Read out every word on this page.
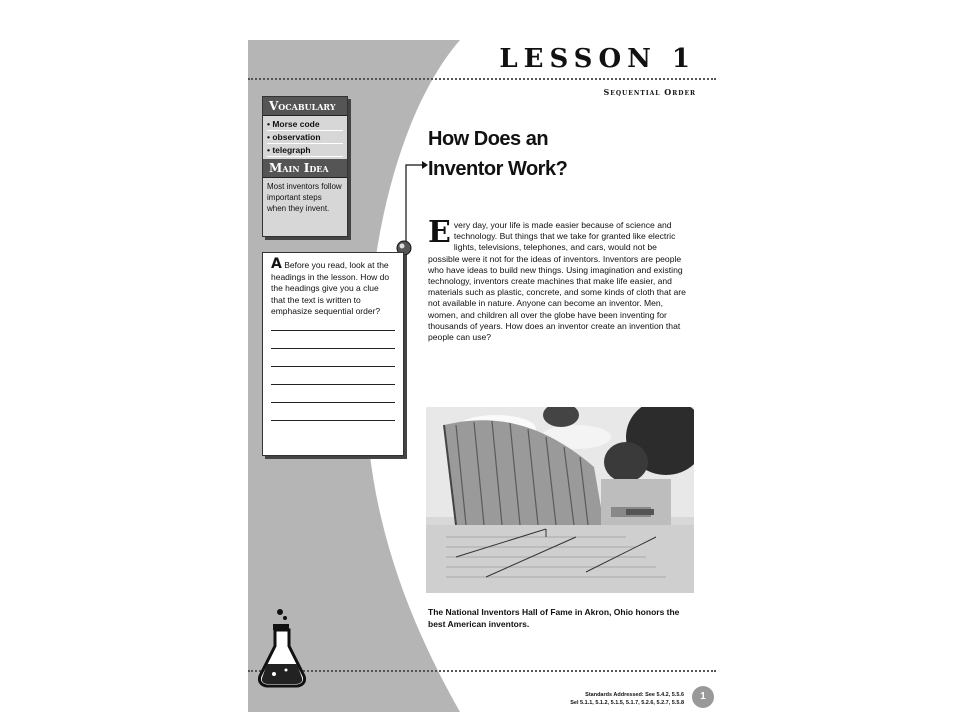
LESSON 1
Sequential Order
Vocabulary
• Morse code
• observation
• telegraph
Main Idea
Most inventors follow important steps when they invent.
A Before you read, look at the headings in the lesson. How do the headings give you a clue that the text is written to emphasize sequential order?
How Does an
Inventor Work?
E very day, your life is made easier because of science and technology. But things that we take for granted like electric lights, televisions, telephones, and cars, would not be possible were it not for the ideas of inventors. Inventors are people who have ideas to build new things. Using imagination and existing technology, inventors create machines that make life easier, and materials such as plastic, concrete, and some kinds of cloth that are not available in nature. Anyone can become an inventor. Men, women, and children all over the globe have been inventing for thousands of years. How does an inventor create an invention that people can use?
The National Inventors Hall of Fame in Akron, Ohio honors the best American inventors.
Standards Addressed: See 5.4.2, 5.5.6
Sel 5.1.1, 5.1.2, 5.1.5, 5.1.7, 5.2.6, 5.2.7, 5.5.8
1
